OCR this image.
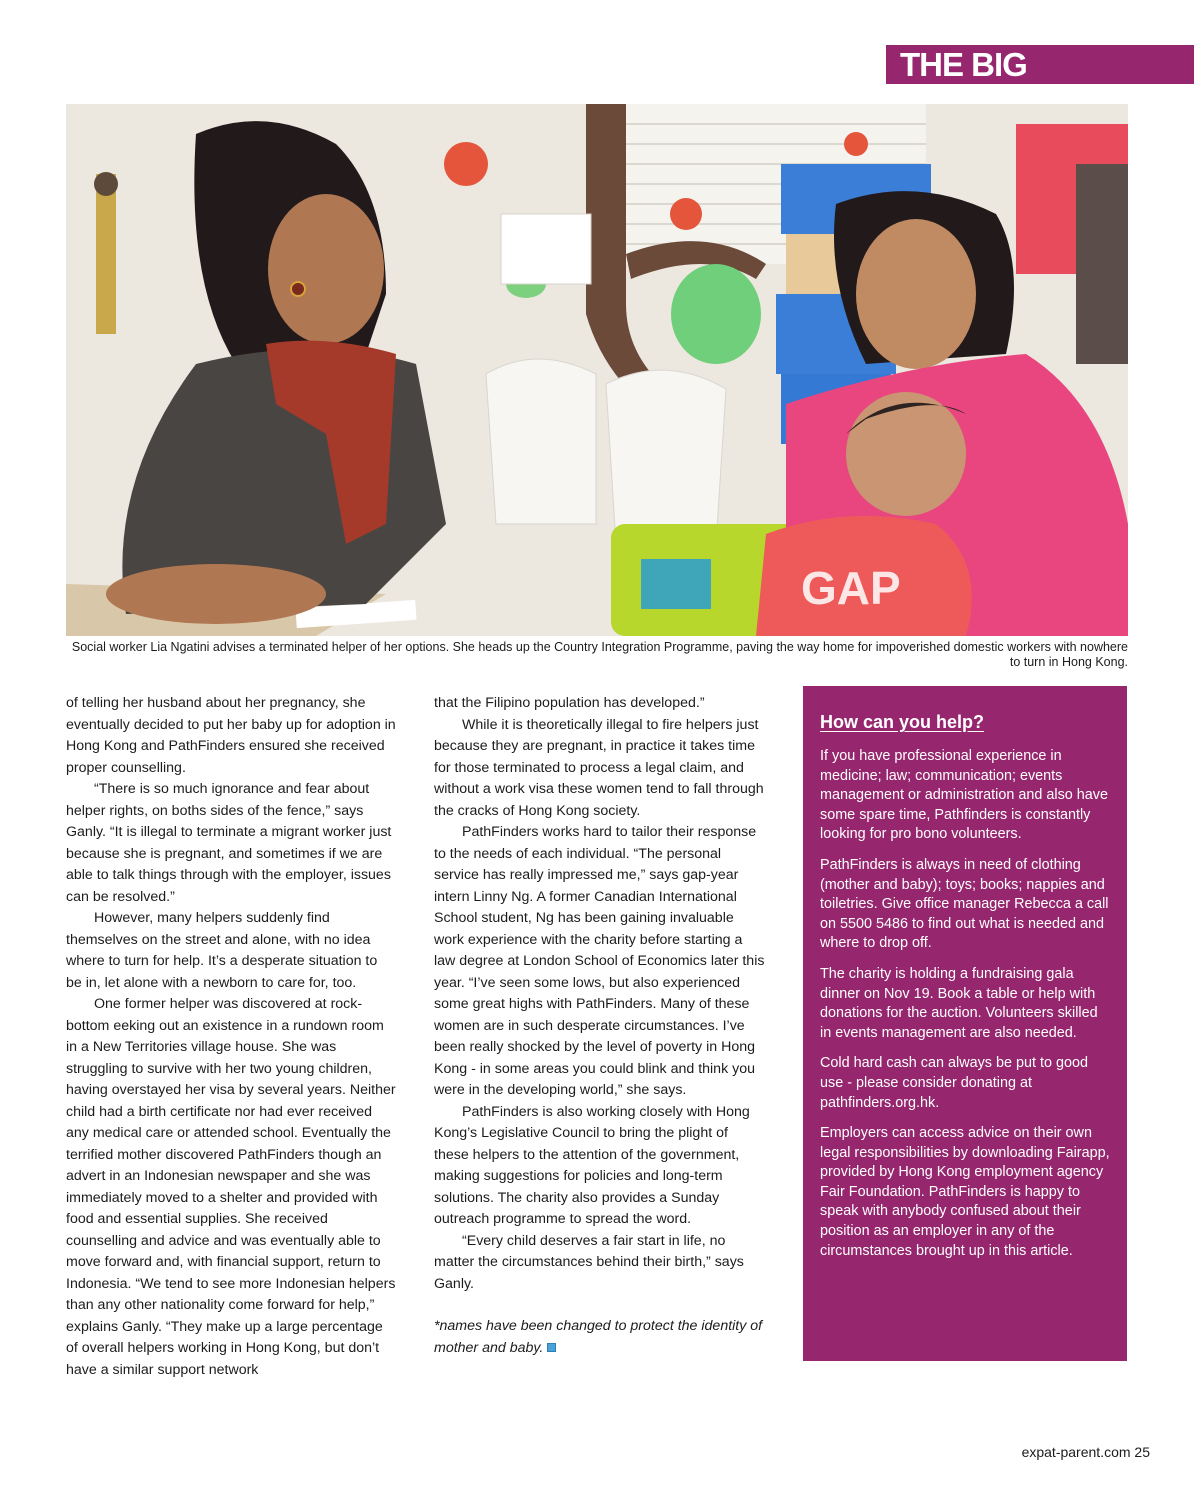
THE BIG
GAP
Social worker Lia Ngatini advises a terminated helper of her options. She heads up the Country Integration Programme, paving the way home for impoverished domestic workers with nowhere to turn in Hong Kong.

of telling her husband about her pregnancy, she eventually decided to put her baby up for adoption in Hong Kong and PathFinders ensured she received proper counselling.

“There is so much ignorance and fear about helper rights, on boths sides of the fence,” says Ganly. “It is illegal to terminate a migrant worker just because she is pregnant, and sometimes if we are able to talk things through with the employer, issues can be resolved.”

However, many helpers suddenly find themselves on the street and alone, with no idea where to turn for help. It’s a desperate situation to be in, let alone with a newborn to care for, too.

One former helper was discovered at rock-bottom eeking out an existence in a rundown room in a New Territories village house. She was struggling to survive with her two young children, having overstayed her visa by several years. Neither child had a birth certificate nor had ever received any medical care or attended school. Eventually the terrified mother discovered PathFinders though an advert in an Indonesian newspaper and she was immediately moved to a shelter and provided with food and essential supplies. She received counselling and advice and was eventually able to move forward and, with financial support, return to Indonesia. “We tend to see more Indonesian helpers than any other nationality come forward for help,” explains Ganly. “They make up a large percentage of overall helpers working in Hong Kong, but don’t have a similar support network

that the Filipino population has developed.”

While it is theoretically illegal to fire helpers just because they are pregnant, in practice it takes time for those terminated to process a legal claim, and without a work visa these women tend to fall through the cracks of Hong Kong society.

PathFinders works hard to tailor their response to the needs of each individual. “The personal service has really impressed me,” says gap-year intern Linny Ng. A former Canadian International School student, Ng has been gaining invaluable work experience with the charity before starting a law degree at London School of Economics later this year. “I’ve seen some lows, but also experienced some great highs with PathFinders. Many of these women are in such desperate circumstances. I’ve been really shocked by the level of poverty in Hong Kong - in some areas you could blink and think you were in the developing world,” she says.

PathFinders is also working closely with Hong Kong’s Legislative Council to bring the plight of these helpers to the attention of the government, making suggestions for policies and long-term solutions. The charity also provides a Sunday outreach programme to spread the word.

“Every child deserves a fair start in life, no matter the circumstances behind their birth,” says Ganly.

*names have been changed to protect the identity of mother and baby.

How can you help?

If you have professional experience in medicine; law; communication; events management or administration and also have some spare time, Pathfinders is constantly looking for pro bono volunteers.

PathFinders is always in need of clothing (mother and baby); toys; books; nappies and toiletries. Give office manager Rebecca a call on 5500 5486 to find out what is needed and where to drop off.

The charity is holding a fundraising gala dinner on Nov 19. Book a table or help with donations for the auction. Volunteers skilled in events management are also needed.

Cold hard cash can always be put to good use - please consider donating at pathfinders.org.hk.

Employers can access advice on their own legal responsibilities by downloading Fairapp, provided by Hong Kong employment agency Fair Foundation. PathFinders is happy to speak with anybody confused about their position as an employer in any of the circumstances brought up in this article.

expat-parent.com 25
